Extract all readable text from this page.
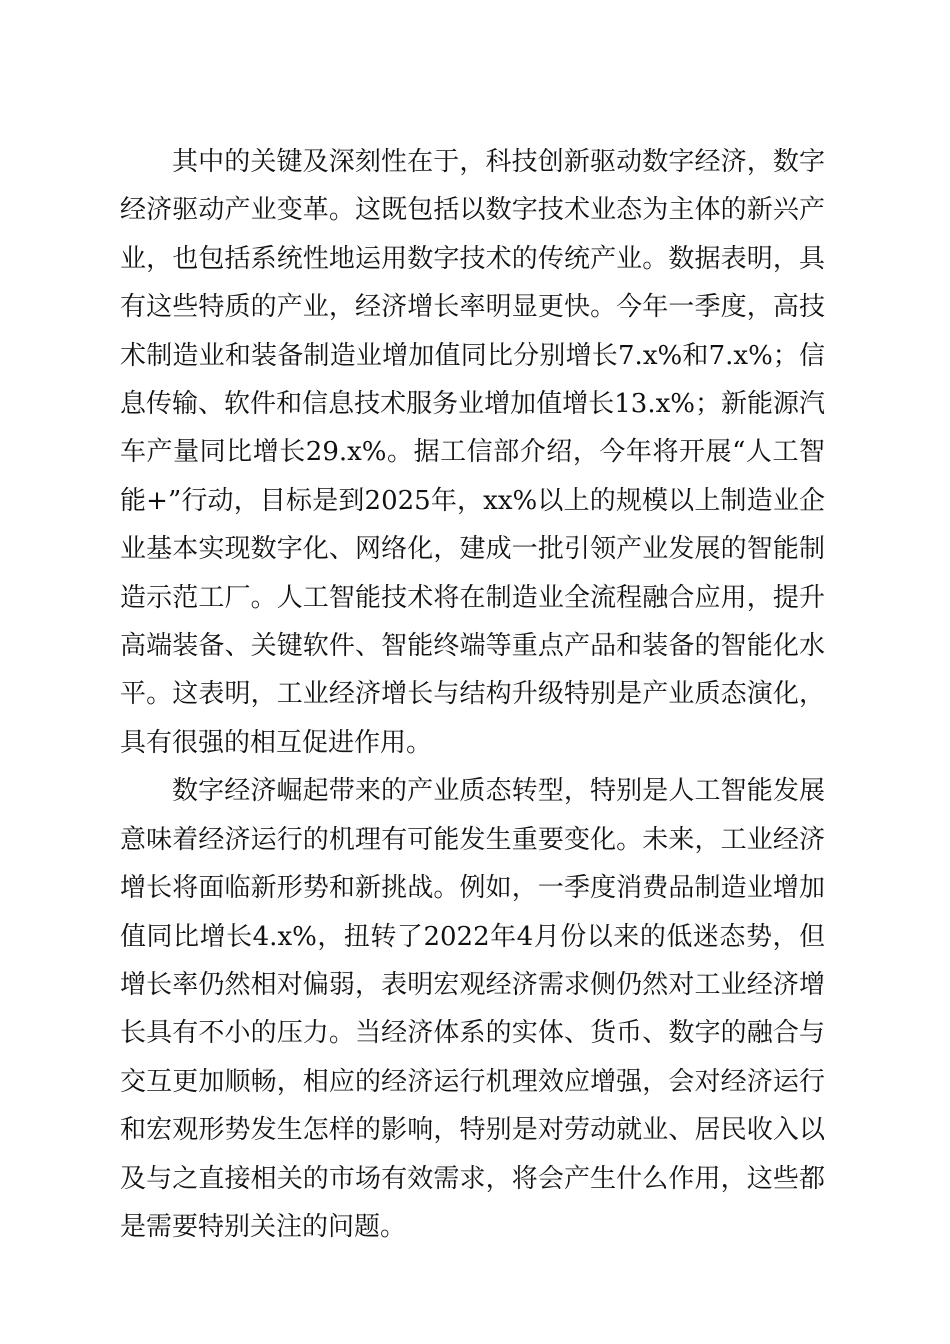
其中的关键及深刻性在于，科技创新驱动数字经济，数字经济驱动产业变革。这既包括以数字技术业态为主体的新兴产业，也包括系统性地运用数字技术的传统产业。数据表明，具有这些特质的产业，经济增长率明显更快。今年一季度，高技术制造业和装备制造业增加值同比分别增长7.x%和7.x%；信息传输、软件和信息技术服务业增加值增长13.x%；新能源汽车产量同比增长29.x%。据工信部介绍，今年将开展“人工智能+”行动，目标是到2025年，xx%以上的规模以上制造业企业基本实现数字化、网络化，建成一批引领产业发展的智能制造示范工厂。人工智能技术将在制造业全流程融合应用，提升高端装备、关键软件、智能终端等重点产品和装备的智能化水平。这表明，工业经济增长与结构升级特别是产业质态演化，具有很强的相互促进作用。

数字经济崛起带来的产业质态转型，特别是人工智能发展意味着经济运行的机理有可能发生重要变化。未来，工业经济增长将面临新形势和新挑战。例如，一季度消费品制造业增加值同比增长4.x%，扭转了2022年4月份以来的低迷态势，但增长率仍然相对偏弱，表明宏观经济需求侧仍然对工业经济增长具有不小的压力。当经济体系的实体、货币、数字的融合与交互更加顺畅，相应的经济运行机理效应增强，会对经济运行和宏观形势发生怎样的影响，特别是对劳动就业、居民收入以及与之直接相关的市场有效需求，将会产生什么作用，这些都是需要特别关注的问题。
